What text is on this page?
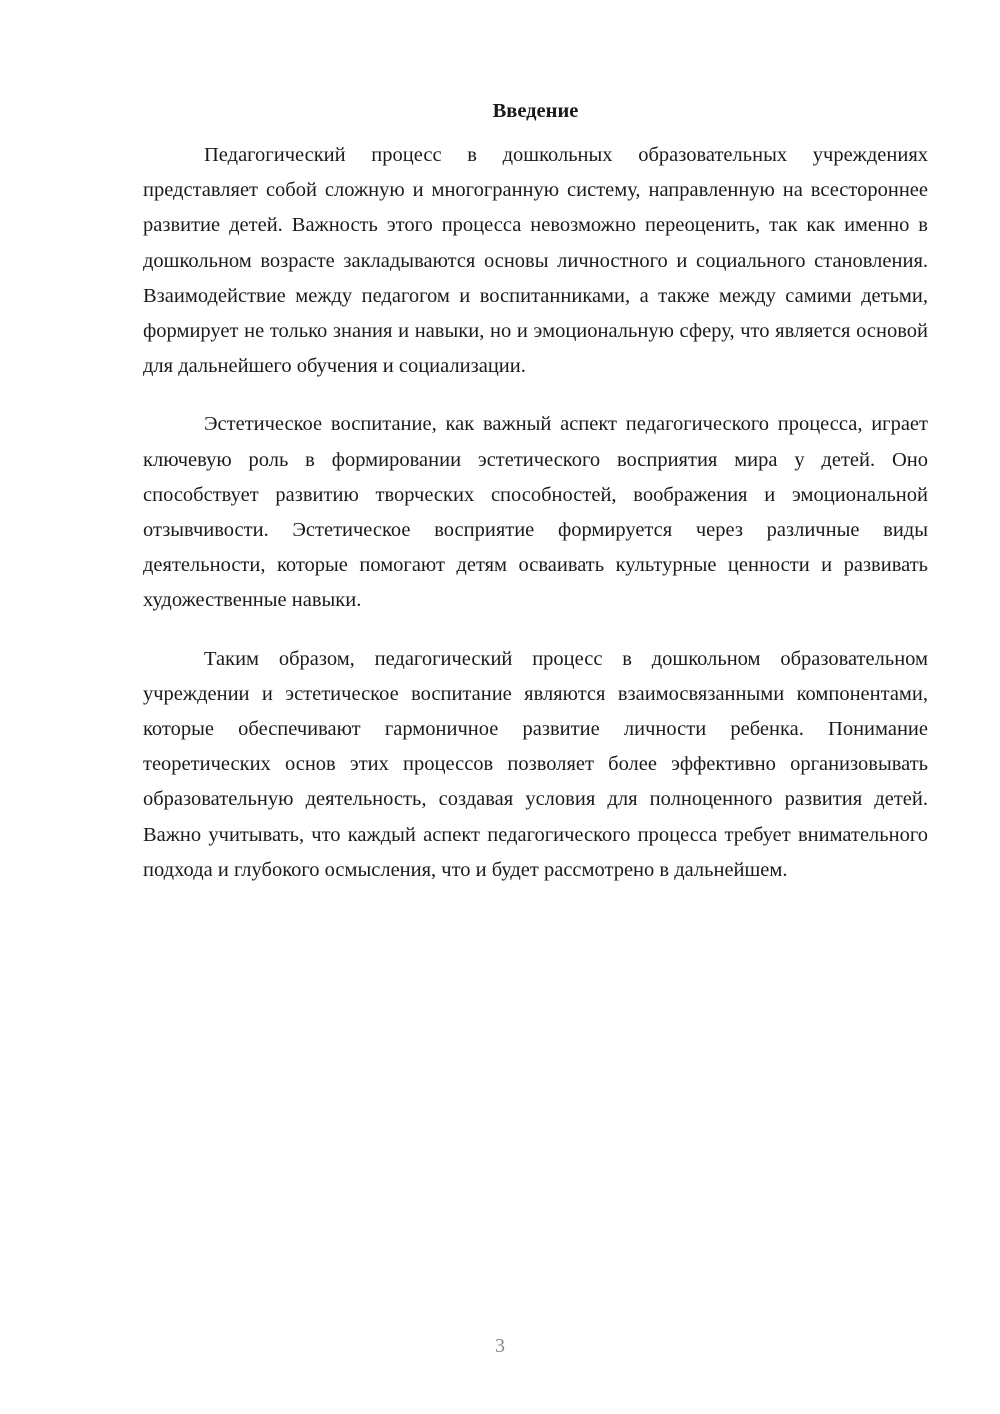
Введение

Педагогический процесс в дошкольных образовательных учреждениях представляет собой сложную и многогранную систему, направленную на всестороннее развитие детей. Важность этого процесса невозможно переоценить, так как именно в дошкольном возрасте закладываются основы личностного и социального становления. Взаимодействие между педагогом и воспитанниками, а также между самими детьми, формирует не только знания и навыки, но и эмоциональную сферу, что является основой для дальнейшего обучения и социализации.

Эстетическое воспитание, как важный аспект педагогического процесса, играет ключевую роль в формировании эстетического восприятия мира у детей. Оно способствует развитию творческих способностей, воображения и эмоциональной отзывчивости. Эстетическое восприятие формируется через различные виды деятельности, которые помогают детям осваивать культурные ценности и развивать художественные навыки.

Таким образом, педагогический процесс в дошкольном образовательном учреждении и эстетическое воспитание являются взаимосвязанными компонентами, которые обеспечивают гармоничное развитие личности ребенка. Понимание теоретических основ этих процессов позволяет более эффективно организовывать образовательную деятельность, создавая условия для полноценного развития детей. Важно учитывать, что каждый аспект педагогического процесса требует внимательного подхода и глубокого осмысления, что и будет рассмотрено в дальнейшем.

3
